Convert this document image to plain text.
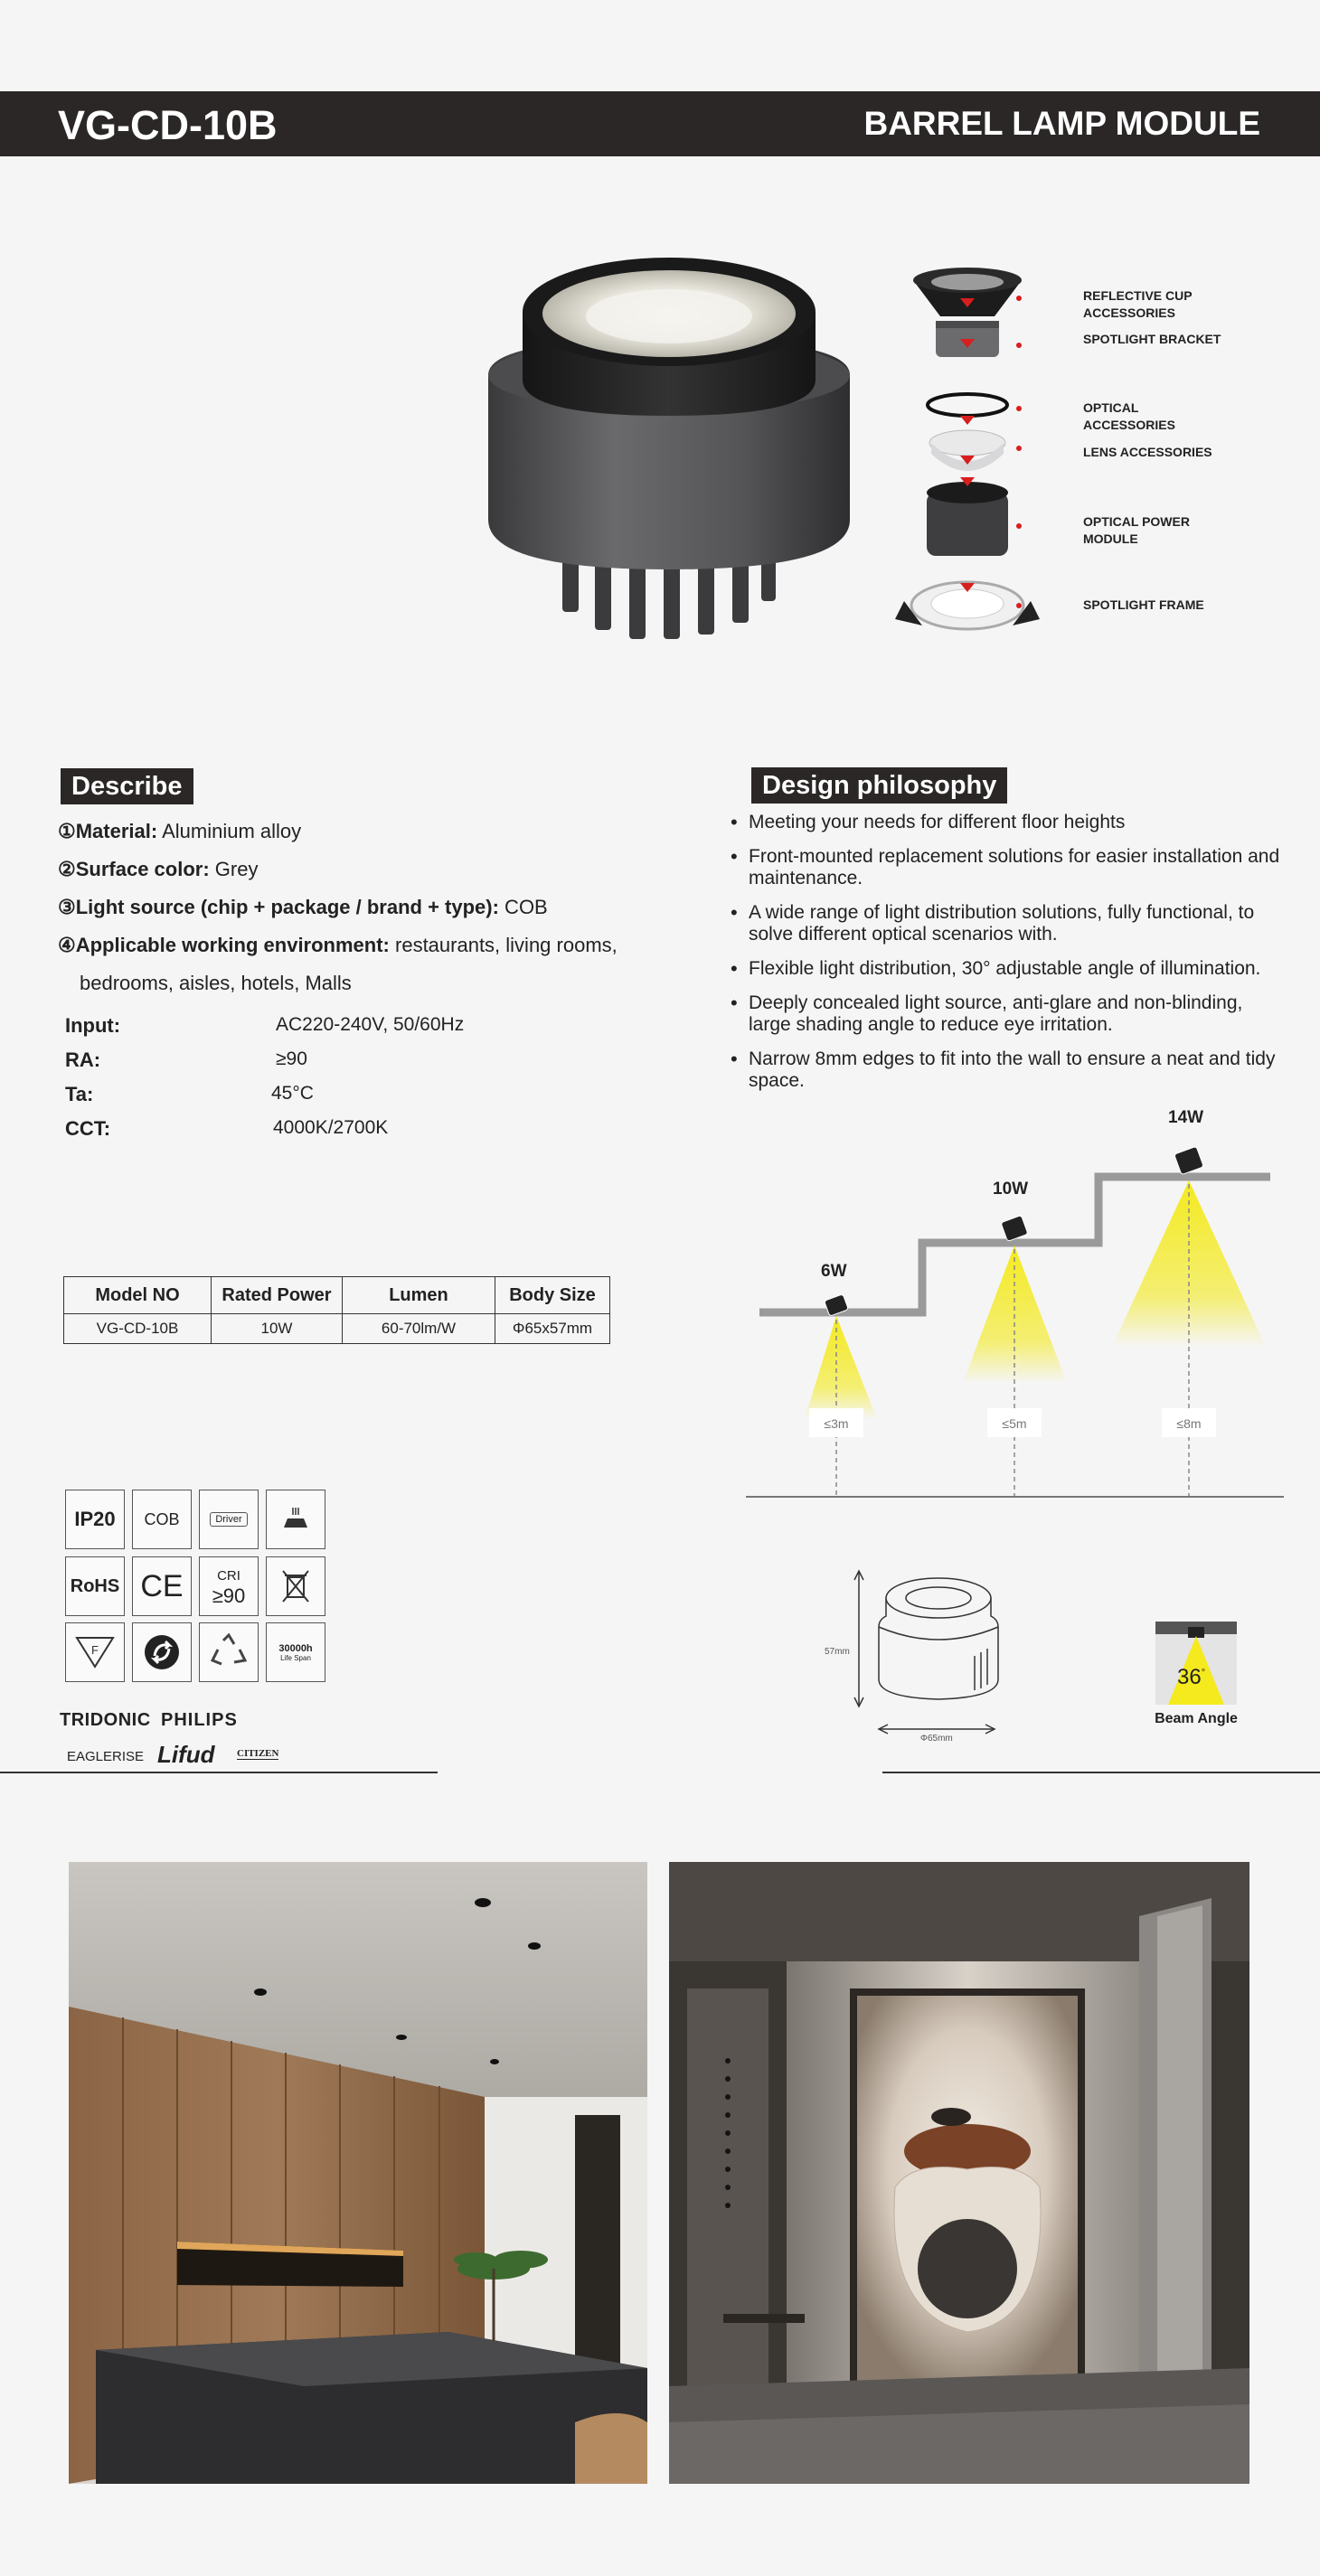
VG-CD-10B	BARREL LAMP MODULE
REFLECTIVE CUP ACCESSORIES
SPOTLIGHT BRACKET
OPTICAL ACCESSORIES
LENS ACCESSORIES
OPTICAL POWER MODULE
SPOTLIGHT FRAME
Describe
①Material: Aluminium alloy
②Surface color: Grey
③Light source (chip + package / brand + type): COB
④Applicable working environment: restaurants, living rooms,
bedrooms, aisles, hotels, Malls
Input:	AC220-240V, 50/60Hz
RA:	≥90
Ta:	45°C
CCT:	4000K/2700K
Design philosophy
• Meeting your needs for different floor heights
• Front-mounted replacement solutions for easier installation and maintenance.
• A wide range of light distribution solutions, fully functional, to solve different optical scenarios with.
• Flexible light distribution, 30° adjustable angle of illumination.
• Deeply concealed light source, anti-glare and non-blinding, large shading angle to reduce eye irritation.
• Narrow 8mm edges to fit into the wall to ensure a neat and tidy space.
6W
10W
14W
≤3m	≤5m	≤8m
Model NO	Rated Power	Lumen	Body Size
VG-CD-10B	10W	60-70lm/W	Φ65x57mm
IP20	COB	Driver
RoHS CE	CRI
≥90
F	30000h
Life Span
TRIDONIC PHILIPS
EAGLERISE Lifud CITIZEN
57mm
Φ65mm
36°
Beam Angle
